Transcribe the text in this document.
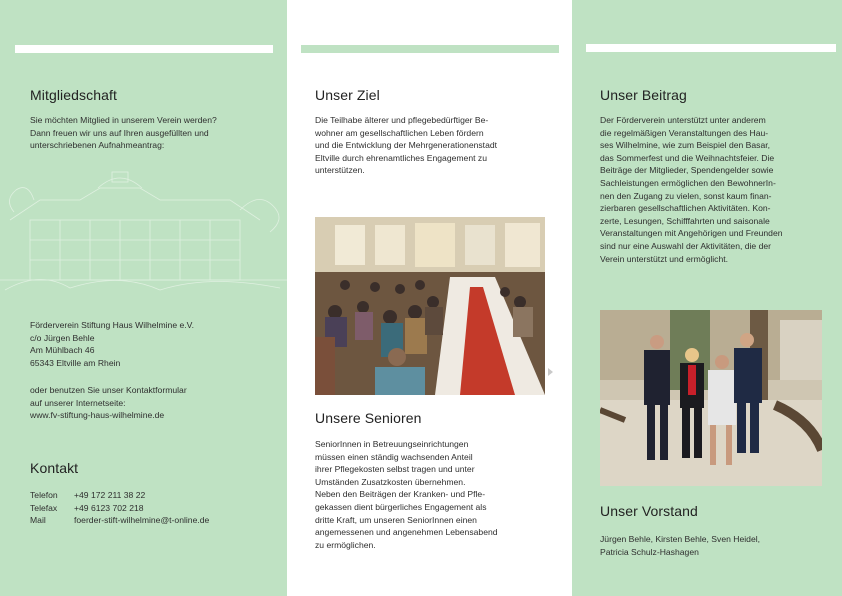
Mitgliedschaft
Sie möchten Mitglied in unserem Verein werden?
Dann freuen wir uns auf Ihren ausgefüllten und
unterschriebenen Aufnahmeantrag:
Förderverein Stiftung Haus Wilhelmine e.V.
c/o Jürgen Behle
Am Mühlbach 46
65343 Eltville am Rhein
oder benutzen Sie unser Kontaktformular
auf unserer Internetseite:
www.fv-stiftung-haus-wilhelmine.de
Kontakt
Telefon	+49 172 211 38 22
Telefax	+49 6123 702 218
Mail	foerder-stift-wilhelmine@t-online.de
Unser Ziel
Die Teilhabe älterer und pflegebedürftiger Be-
wohner am gesellschaftlichen Leben fördern
und die Entwicklung der Mehrgenerationenstadt
Eltville durch ehrenamtliches Engagement zu
unterstützen.
Unsere Senioren
SeniorInnen in Betreuungseinrichtungen
müssen einen ständig wachsenden Anteil
ihrer Pflegekosten selbst tragen und unter
Umständen Zusatzkosten übernehmen.
Neben den Beiträgen der Kranken- und Pfle-
gekassen dient bürgerliches Engagement als
dritte Kraft, um unseren SeniorInnen einen
angemessenen und angenehmen Lebensabend
zu ermöglichen.
Unser Beitrag
Der Förderverein unterstützt unter anderem
die regelmäßigen Veranstaltungen des Hau-
ses Wilhelmine, wie zum Beispiel den Basar,
das Sommerfest und die Weihnachtsfeier. Die
Beiträge der Mitglieder, Spendengelder sowie
Sachleistungen ermöglichen den BewohnerIn-
nen den Zugang zu vielen, sonst kaum finan-
zierbaren gesellschaftlichen Aktivitäten. Kon-
zerte, Lesungen, Schifffahrten und saisonale
Veranstaltungen mit Angehörigen und Freunden
sind nur eine Auswahl der Aktivitäten, die der
Verein unterstützt und ermöglicht.
Unser Vorstand
Jürgen Behle, Kirsten Behle, Sven Heidel,
Patricia Schulz-Hashagen
